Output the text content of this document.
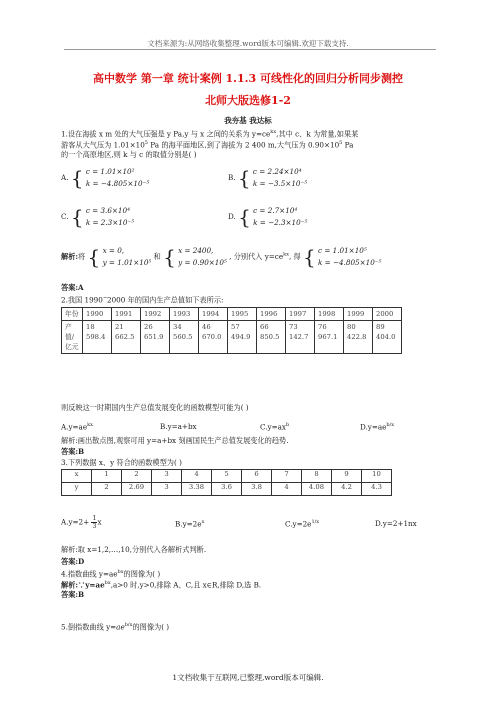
文档来源为:从网络收集整理.word版本可编辑.欢迎下载支持.
高中数学 第一章 统计案例 1.1.3 可线性化的回归分析同步测控
北师大版选修1-2
我夯基 我达标
1.设在海拔 x m 处的大气压强是 y Pa,y 与 x 之间的关系为 $y=ce^{kx}$,其中 c、k 为常量,如果某
游客从大气压为 $1.01\times 10^5$ Pa 的海平面地区,到了海拔为 2 400 m,大气压为 $0.90\times 10^5$ Pa
的一个高原地区,则 k 与 c 的取值分别是( )
A. { c = 1.01×10²
k = −4.805×10⁻⁵
B. { c = 2.24×10⁴
k = −3.5×10⁻⁵
C. { c = 3.6×10⁴
k = 2.3×10⁻⁵
D. { c = 2.7×10⁴
k = −2.3×10⁻⁵
解析:将 { x = 0,
y = 1.01×10⁵ 和 { x = 2400,
y = 0.90×10⁵ , 分别代入 $y=ce^{kx}$, 得 { c = 1.01×10⁵
k = −4.805×10⁻⁵
答案:A
2.我国 1990~2000 年的国内生产总值如下表所示:
年份	1990	1991	1992	1993	1994	1995	1996	1997	1998	1999	2000
产值/亿元	18 598.4	21 662.5	26 651.9	34 560.5	46 670.0	57 494.9	66 850.5	73 142.7	76 967.1	80 422.8	89 404.0
则反映这一时期国内生产总值发展变化的函数模型可能为( )
$A.y=ae^{kx}$	B.y=a+bx	$C.y=ax^b$	$D.y=ae^{b/x}$
解析:画出散点图,观察可用 y=a+bx 刻画国民生产总值发展变化的趋势.
答案:B
3.下列数据 x、y 符合的函数模型为( )
x	1	2	3	4	5	6	7	8	9	10
y	2	2.69	3	3.38	3.6	3.8	4	4.08	4.2	4.3
$A.y=2+ \frac{1}{3}x$	$B.y=2e^x$	$C.y=2e^{1/x}$	D.y=2+1nx
解析:取 x=1,2,…,10,分别代入各解析式判断.
答案:D
4.指数曲线 $y=ae^{bx}$的图像为( )
解析$:\because y=ae^{bx},a>0$ 时,y>0,排除 A、C,且 x∈R,排除 D,选 B.
答案:B
5.倒指数曲线 $y=ae^{b/x}$的图像为( )
1文档收集于互联网,已整理,word版本可编辑.
